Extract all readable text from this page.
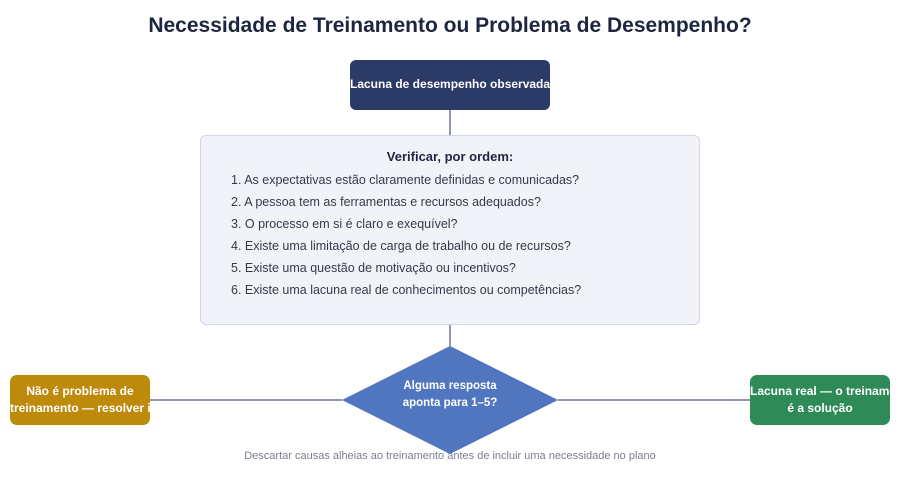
Necessidade de Treinamento ou Problema de Desempenho?
Lacuna de desempenho observada
Verificar, por ordem:
1. As expectativas estão claramente definidas e comunicadas?
2. A pessoa tem as ferramentas e recursos adequados?
3. O processo em si é claro e exequível?
4. Existe uma limitação de carga de trabalho ou de recursos?
5. Existe uma questão de motivação ou incentivos?
6. Existe uma lacuna real de conhecimentos ou competências?
Alguma resposta
aponta para 1–5?
Não é problema de
treinamento — resolver isto
Lacuna real — o treinamento
é a solução
Descartar causas alheias ao treinamento antes de incluir uma necessidade no plano
